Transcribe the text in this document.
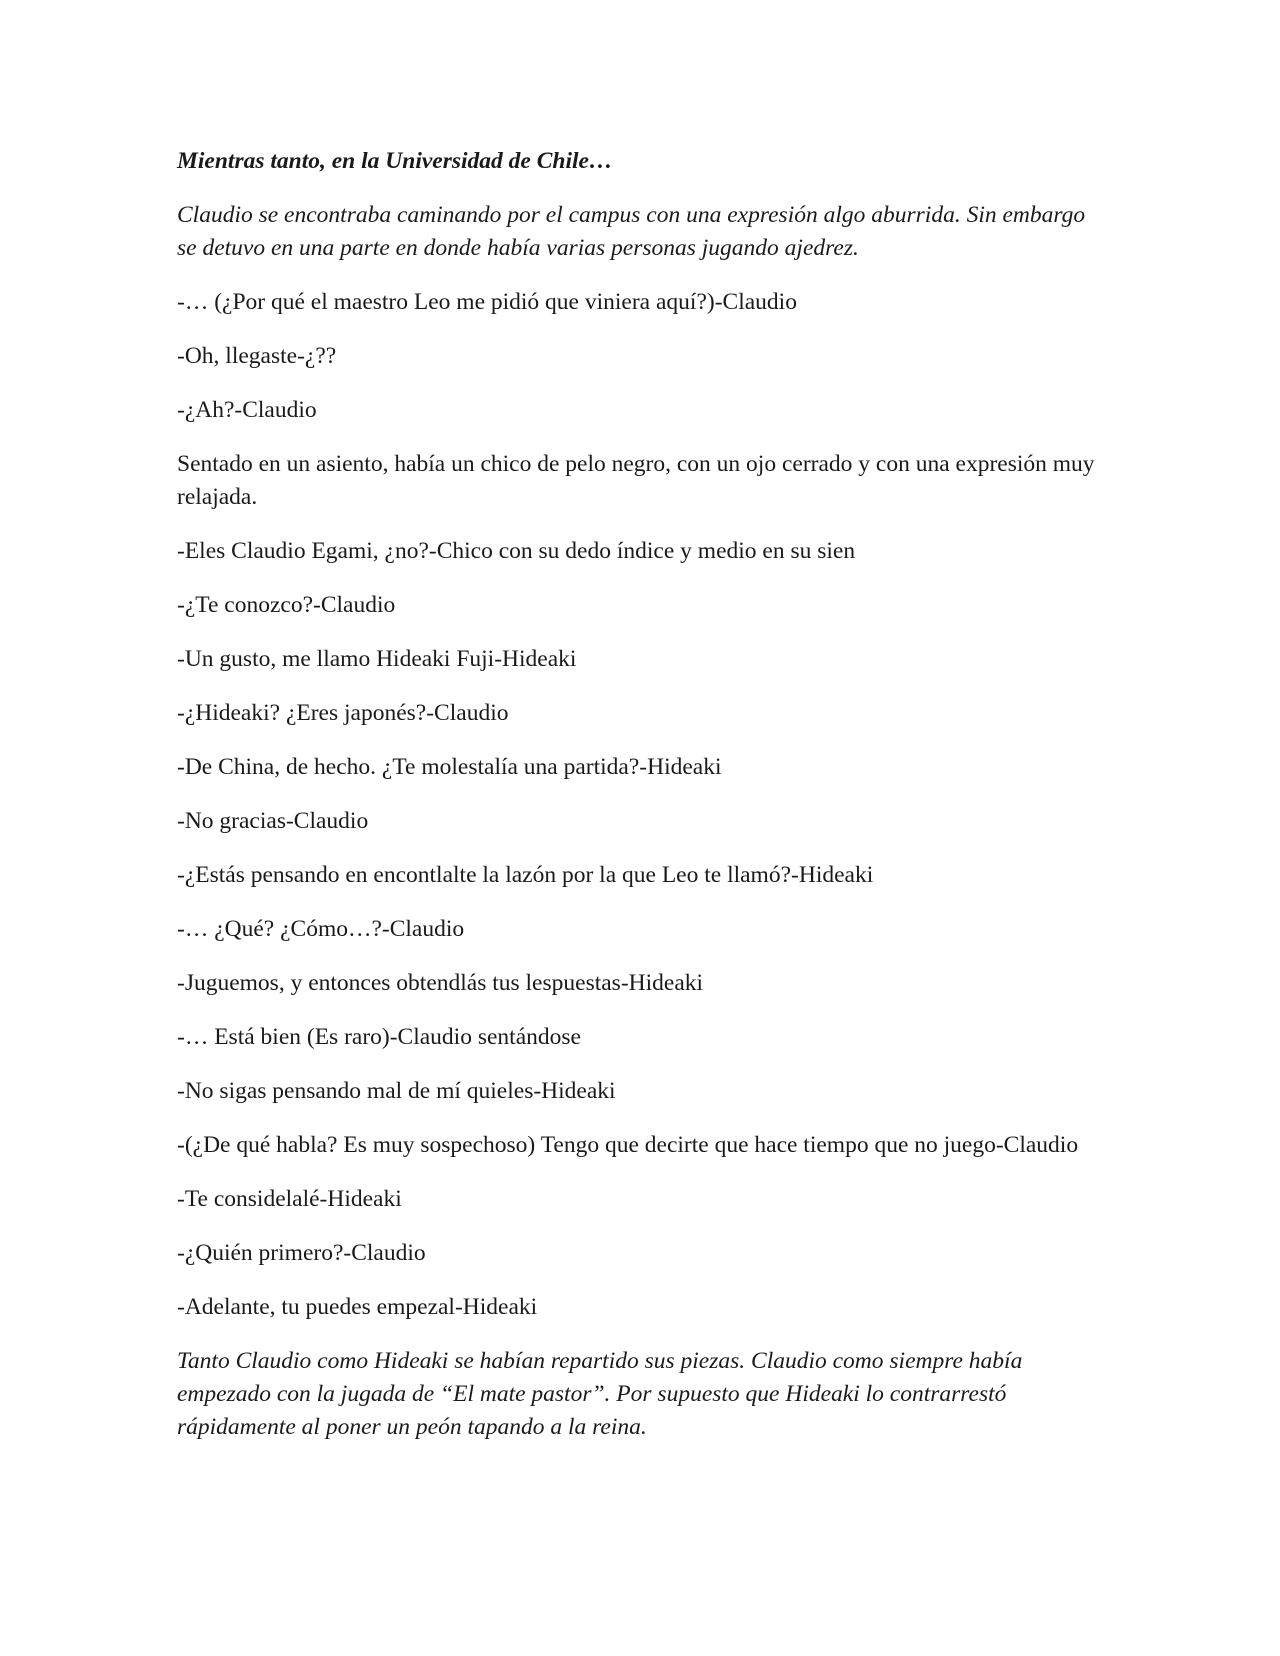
Mientras tanto, en la Universidad de Chile…

Claudio se encontraba caminando por el campus con una expresión algo aburrida. Sin embargo se detuvo en una parte en donde había varias personas jugando ajedrez.

-… (¿Por qué el maestro Leo me pidió que viniera aquí?)-Claudio

-Oh, llegaste-¿??

-¿Ah?-Claudio

Sentado en un asiento, había un chico de pelo negro, con un ojo cerrado y con una expresión muy relajada.

-Eles Claudio Egami, ¿no?-Chico con su dedo índice y medio en su sien

-¿Te conozco?-Claudio

-Un gusto, me llamo Hideaki Fuji-Hideaki

-¿Hideaki? ¿Eres japonés?-Claudio

-De China, de hecho. ¿Te molestalía una partida?-Hideaki

-No gracias-Claudio

-¿Estás pensando en encontlalte la lazón por la que Leo te llamó?-Hideaki

-… ¿Qué? ¿Cómo…?-Claudio

-Juguemos, y entonces obtendlás tus lespuestas-Hideaki

-… Está bien (Es raro)-Claudio sentándose

-No sigas pensando mal de mí quieles-Hideaki

-(¿De qué habla? Es muy sospechoso) Tengo que decirte que hace tiempo que no juego-Claudio

-Te considelalé-Hideaki

-¿Quién primero?-Claudio

-Adelante, tu puedes empezal-Hideaki

Tanto Claudio como Hideaki se habían repartido sus piezas. Claudio como siempre había empezado con la jugada de “El mate pastor”. Por supuesto que Hideaki lo contrarrestó rápidamente al poner un peón tapando a la reina.
